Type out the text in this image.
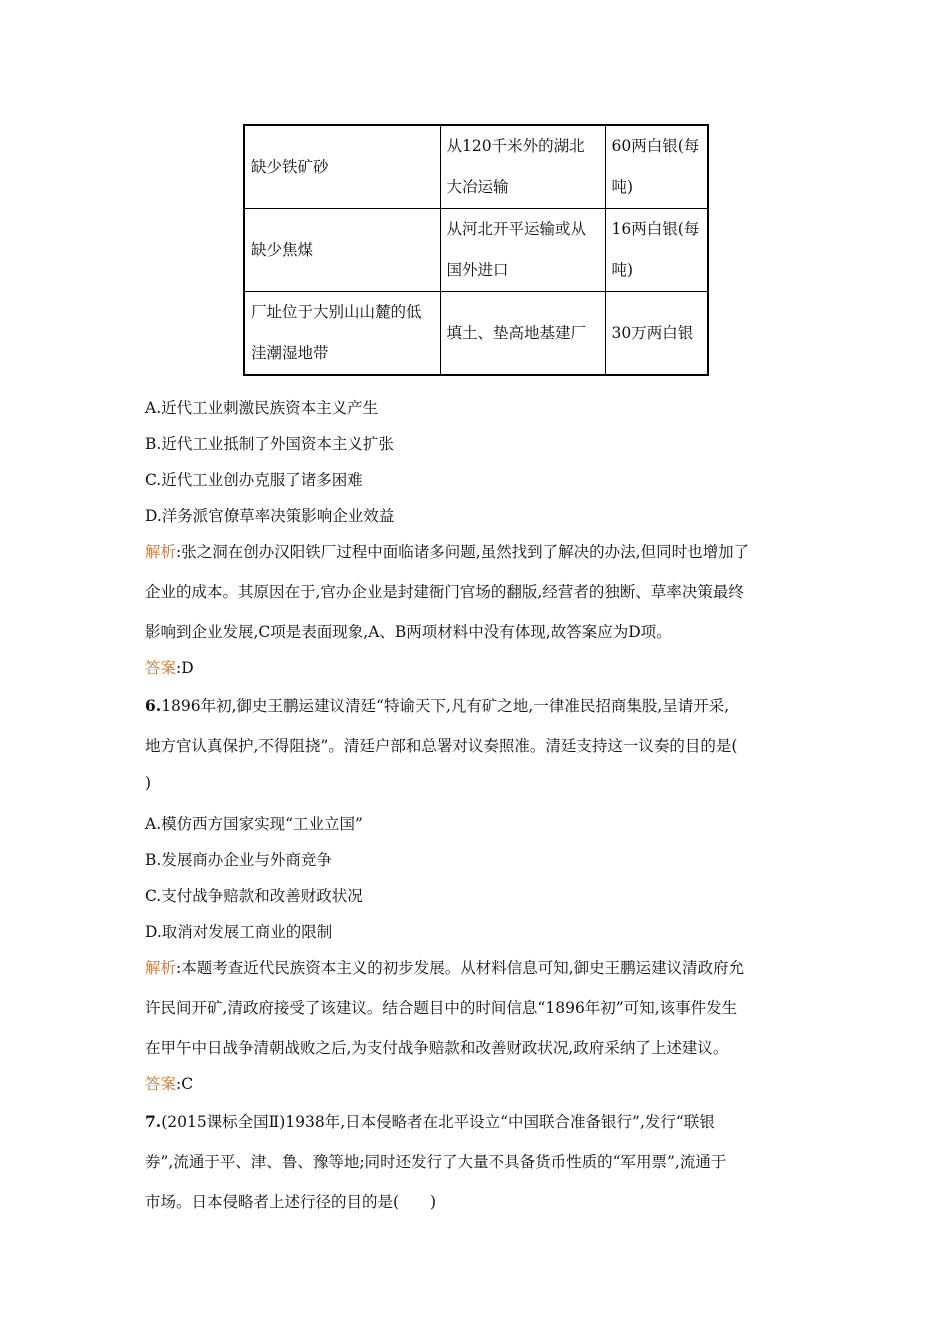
缺少铁矿砂	从120千米外的湖北大冶运输	60两白银(每吨)
缺少焦煤	从河北开平运输或从国外进口	16两白银(每吨)
厂址位于大别山山麓的低洼潮湿地带	填土、垫高地基建厂	30万两白银
A.近代工业刺激民族资本主义产生
B.近代工业抵制了外国资本主义扩张
C.近代工业创办克服了诸多困难
D.洋务派官僚草率决策影响企业效益
解析:张之洞在创办汉阳铁厂过程中面临诸多问题,虽然找到了解决的办法,但同时也增加了
企业的成本。其原因在于,官办企业是封建衙门官场的翻版,经营者的独断、草率决策最终
影响到企业发展,C项是表面现象,A、B两项材料中没有体现,故答案应为D项。
答案:D
6.1896年初,御史王鹏运建议清廷“特谕天下,凡有矿之地,一律准民招商集股,呈请开采,
地方官认真保护,不得阻挠”。清廷户部和总署对议奏照准。清廷支持这一议奏的目的是(
)
A.模仿西方国家实现“工业立国”
B.发展商办企业与外商竞争
C.支付战争赔款和改善财政状况
D.取消对发展工商业的限制
解析:本题考查近代民族资本主义的初步发展。从材料信息可知,御史王鹏运建议清政府允
许民间开矿,清政府接受了该建议。结合题目中的时间信息“1896年初”可知,该事件发生
在甲午中日战争清朝战败之后,为支付战争赔款和改善财政状况,政府采纳了上述建议。
答案:C
7.(2015课标全国Ⅱ)1938年,日本侵略者在北平设立“中国联合准备银行”,发行“联银
券”,流通于平、津、鲁、豫等地;同时还发行了大量不具备货币性质的“军用票”,流通于
市场。日本侵略者上述行径的目的是(　　)
